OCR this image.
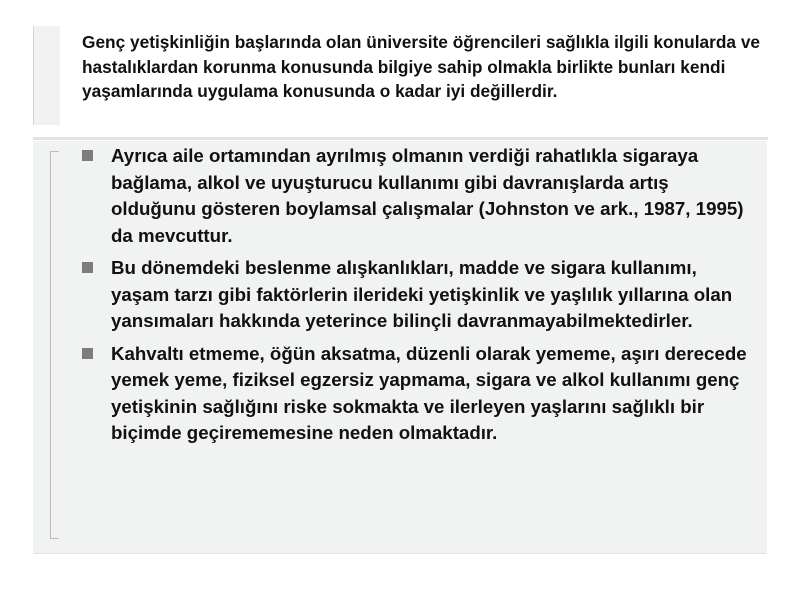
Genç yetişkinliğin başlarında olan üniversite öğrencileri sağlıkla ilgili konularda ve hastalıklardan korunma konusunda bilgiye sahip olmakla birlikte bunları kendi yaşamlarında uygulama konusunda o kadar iyi değillerdir.

Ayrıca aile ortamından ayrılmış olmanın verdiği rahatlıkla sigaraya bağlama, alkol ve uyuşturucu kullanımı gibi davranışlarda artış olduğunu gösteren boylamsal çalışmalar (Johnston ve ark., 1987, 1995) da mevcuttur.
Bu dönemdeki beslenme alışkanlıkları, madde ve sigara kullanımı, yaşam tarzı gibi faktörlerin ilerideki yetişkinlik ve yaşlılık yıllarına olan yansımaları hakkında yeterince bilinçli davranmayabilmektedirler.
Kahvaltı etmeme, öğün aksatma, düzenli olarak yememe, aşırı derecede yemek yeme, fiziksel egzersiz yapmama, sigara ve alkol kullanımı genç yetişkinin sağlığını riske sokmakta ve ilerleyen yaşlarını sağlıklı bir biçimde geçirememesine neden olmaktadır.
